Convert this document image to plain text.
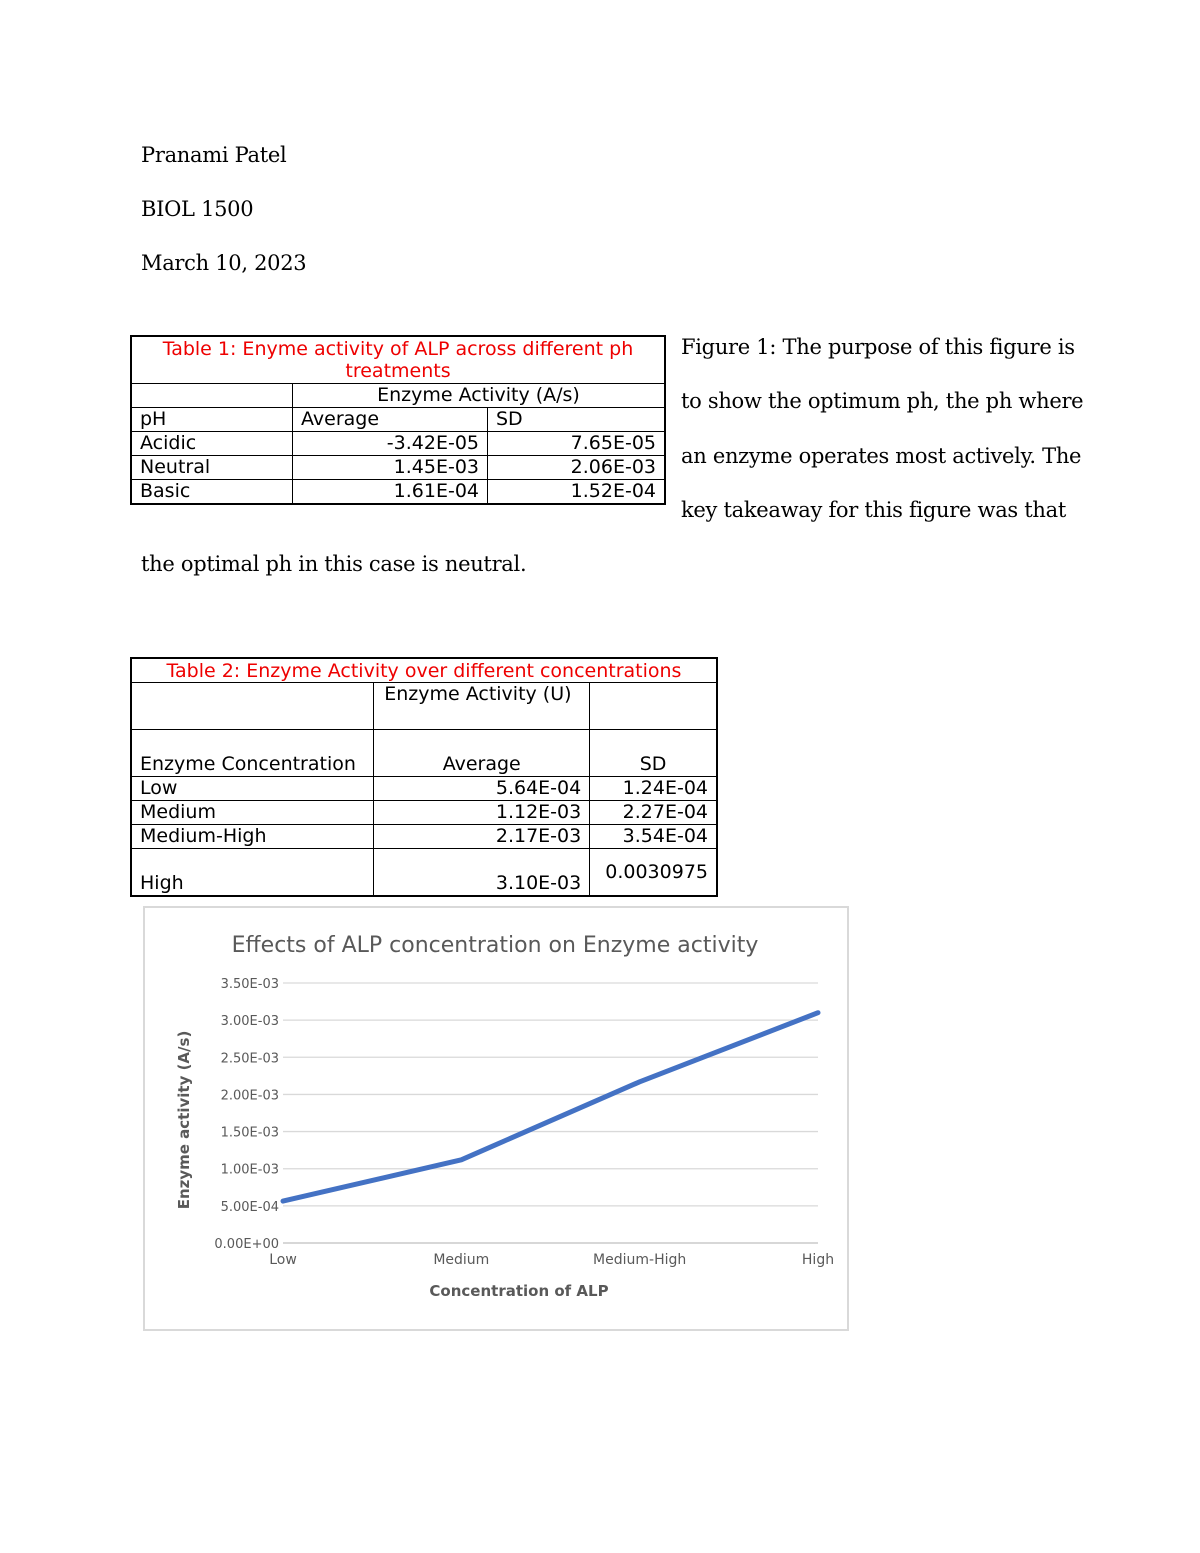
Pranami Patel
BIOL 1500
March 10, 2023
Table 1: Enyme activity of ALP across different ph treatments		
	Enzyme Activity (A/s)	
pH	Average	SD
Acidic	-3.42E-05	7.65E-05
Neutral	1.45E-03	2.06E-03
Basic	1.61E-04	1.52E-04
Figure 1: The purpose of this figure is
to show the optimum ph, the ph where
an enzyme operates most actively. The
key takeaway for this figure was that
the optimal ph in this case is neutral.
Table 2: Enzyme Activity over different concentrations		
	Enzyme Activity (U)	
Enzyme Concentration	Average	SD
Low	5.64E-04	1.24E-04
Medium	1.12E-03	2.27E-04
Medium-High	2.17E-03	3.54E-04
High	3.10E-03	0.0030975
Effects of ALP concentration on Enzyme activity
0.00E+00
5.00E-04
1.00E-03
1.50E-03
2.00E-03
2.50E-03
3.00E-03
3.50E-03
Low	Medium	Medium-High	High
Concentration of ALP
Enzyme activity (A/s)
